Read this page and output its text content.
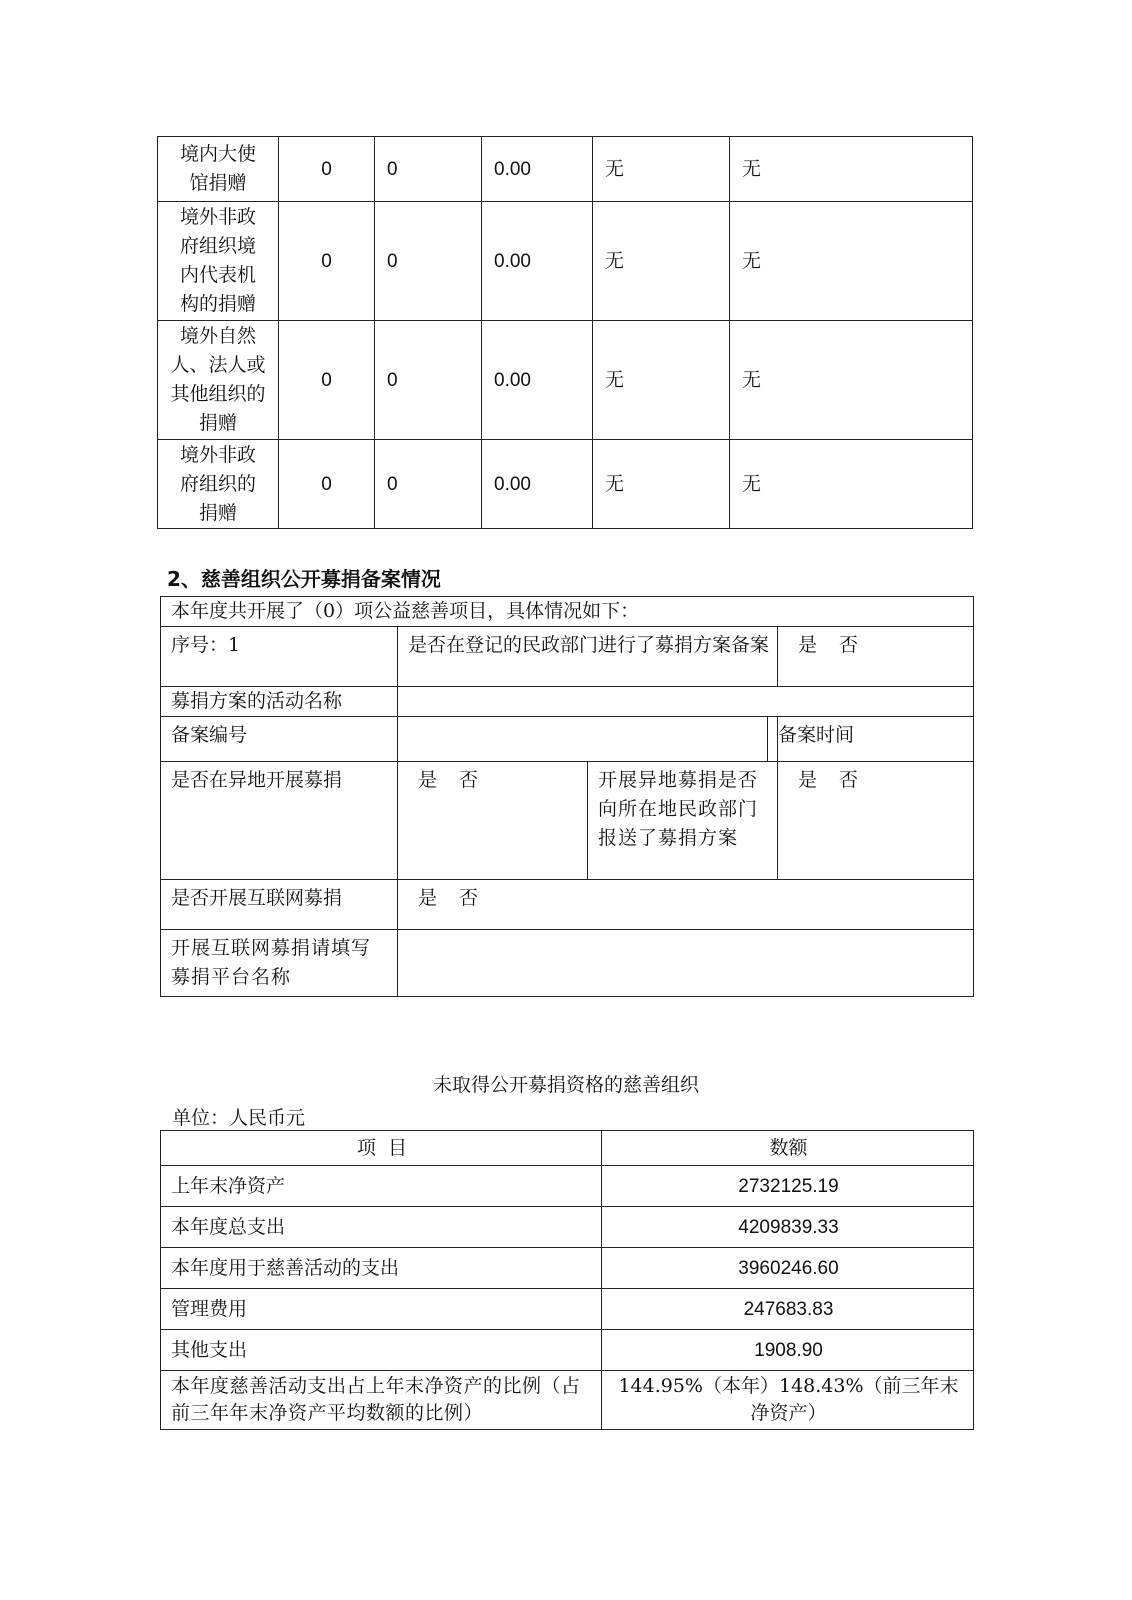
境内大使馆捐赠	0	0	0.00	无	无
境外非政府组织境内代表机构的捐赠	0	0	0.00	无	无
境外自然人、法人或其他组织的捐赠	0	0	0.00	无	无
境外非政府组织的捐赠	0	0	0.00	无	无
2、慈善组织公开募捐备案情况
本年度共开展了（0）项公益慈善项目，具体情况如下：				
序号：1	是否在登记的民政部门进行了募捐方案备案			是 否
募捐方案的活动名称				
备案编号			备案时间	
是否在异地开展募捐	是 否	开展异地募捐是否向所在地民政部门报送了募捐方案		是 否
是否开展互联网募捐	是 否			
开展互联网募捐请填写募捐平台名称				
未取得公开募捐资格的慈善组织
单位：人民币元
项  目	数额
上年末净资产	2732125.19
本年度总支出	4209839.33
本年度用于慈善活动的支出	3960246.60
管理费用	247683.83
其他支出	1908.90
本年度慈善活动支出占上年末净资产的比例（占前三年年末净资产平均数额的比例）	144.95%（本年）148.43%（前三年末净资产）
